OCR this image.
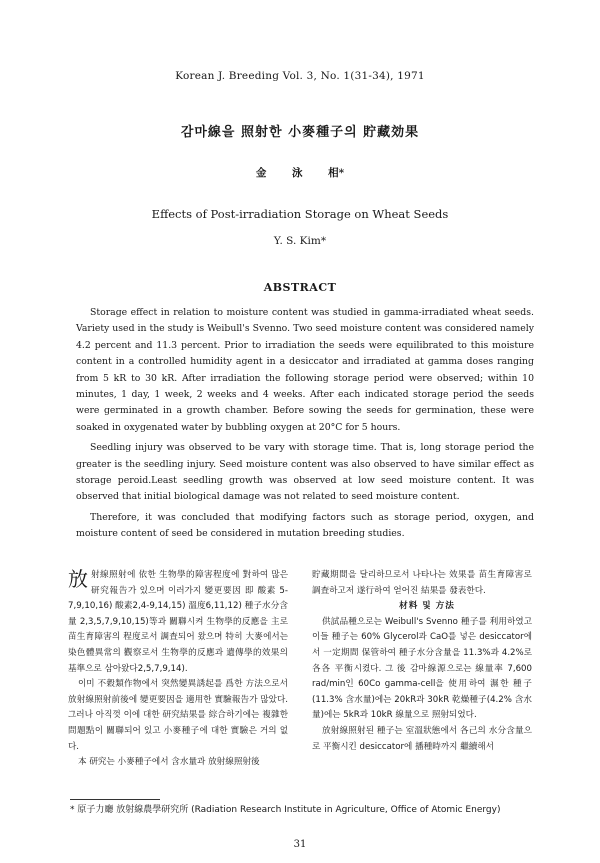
Korean J. Breeding Vol. 3, No. 1(31-34), 1971
감마線을 照射한 小麥種子의 貯藏効果
金 泳 相*
Effects of Post-irradiation Storage on Wheat Seeds
Y. S. Kim*
ABSTRACT

Storage effect in relation to moisture content was studied in gamma-irradiated wheat seeds. Variety used in the study is Weibull's Svenno. Two seed moisture content was considered namely 4.2 percent and 11.3 percent. Prior to irradiation the seeds were equilibrated to this moisture content in a controlled humidity agent in a desiccator and irradiated at gamma doses ranging from 5 kR to 30 kR. After irradiation the following storage period were observed; within 10 minutes, 1 day, 1 week, 2 weeks and 4 weeks. After each indicated storage period the seeds were germinated in a growth chamber. Before sowing the seeds for germination, these were soaked in oxygenated water by bubbling oxygen at 20°C for 5 hours.

Seedling injury was observed to be vary with storage time. That is, long storage period the greater is the seedling injury. Seed moisture content was also observed to have similar effect as storage peroid.Least seedling growth was observed at low seed moisture content. It was observed that initial biological damage was not related to seed moisture content.

Therefore, it was concluded that modifying factors such as storage period, oxygen, and moisture content of seed be considered in mutation breeding studies.

放射線照射에 依한 生物學的障害程度에 對하여 많은 研究報告가 있으며 이러가지 變更要因 即 酸素 5-7,9,10,16) 酸素2,4-9,14,15) 溫度6,11,12) 種子水分含量 2,3,5,7,9,10,15)等과 關聯시켜 生物學的反應을 主로 苗生育障害의 程度로서 調査되어 왔으며 特히 大麥에서는 染色體異常의 觀察로서 生物學的反應과 遺傳學的效果의 基準으로 삼아왔다2,5,7,9,14).

이미 不穀類作物에서 突然變異誘起를 爲한 方法으로서 放射線照射前後에 變更要因을 適用한 實驗報告가 많았다. 그러나 아직껏 이에 대한 研究結果를 綜合하기에는 複雜한 問題點이 關聯되어 있고 小麥種子에 대한 實驗은 거의 없다.

本 研究는 小麥種子에서 含水量과 放射線照射後

貯藏期間을 달리하므로서 나타나는 效果를 苗生育障害로 調査하고저 遂行하여 얻어진 結果를 發表한다.

材料 및 方法

供試品種으로는 Weibull's Svenno 種子를 利用하였고 이들 種子는 60% Glycerol과 CaO를 넣은 desiccator에서 一定期間 保管하여 種子水分含量을 11.3%과 4.2%로 各各 平衡시켰다. 그 後 감마線源으로는 線量率 7,600 rad/min인 60Co gamma-cell을 使用하여 濕한 種子(11.3% 含水量)에는 20kR과 30kR 乾燥種子(4.2% 含水量)에는 5kR과 10kR 線量으로 照射되었다.

放射線照射된 種子는 室溫狀態에서 各己의 水分含量으로 平衡시킨 desiccator에 播種時까지 繼續해서

* 原子力廳 放射線農學研究所 (Radiation Research Institute in Agriculture, Office of Atomic Energy)
31
